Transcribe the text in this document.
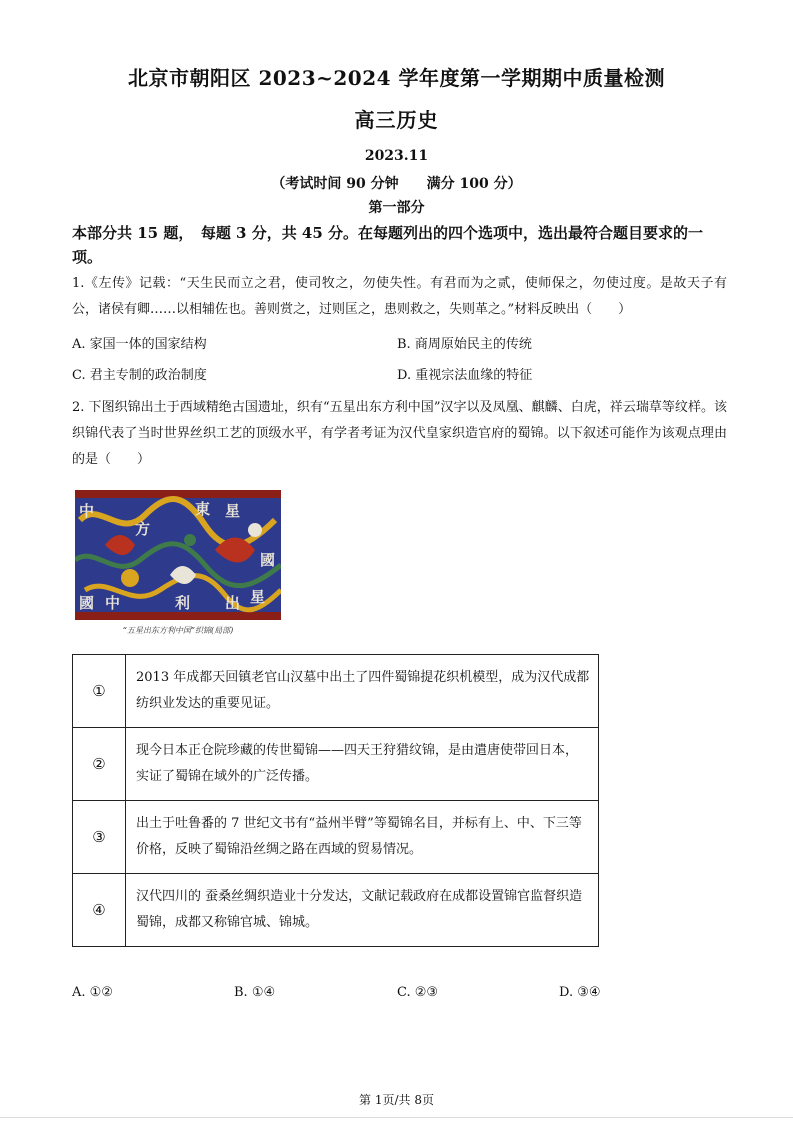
北京市朝阳区 2023~2024 学年度第一学期期中质量检测
高三历史
2023.11
（考试时间 90 分钟　　满分 100 分）
第一部分
本部分共 15 题，　每题 3 分，共 45 分。在每题列出的四个选项中，选出最符合题目要求的一项。
1.《左传》记载：“天生民而立之君，使司牧之，勿使失性。有君而为之贰，使师保之，勿使过度。是故天子有公，诸侯有卿……以相辅佐也。善则赏之，过则匡之，患则救之，失则革之。”材料反映出（　　）
A. 家国一体的国家结构	B. 商周原始民主的传统
C. 君主专制的政治制度	D. 重视宗法血缘的特征
2. 下图织锦出土于西域精绝古国遗址，织有“五星出东方利中国”汉字以及凤凰、麒麟、白虎，祥云瑞草等纹样。该织锦代表了当时世界丝织工艺的顶级水平，有学者考证为汉代皇家织造官府的蜀锦。以下叙述可能作为该观点理由的是（　　）
中
國
方
星
東
利
中
國
出 星
“五星出东方利中国”织锦(局部)
①	2013 年成都天回镇老官山汉墓中出土了四件蜀锦提花织机模型，成为汉代成都纺织业发达的重要见证。
②	现今日本正仓院珍藏的传世蜀锦——四天王狩猎纹锦，是由遣唐使带回日本，实证了蜀锦在域外的广泛传播。
③	出土于吐鲁番的 7 世纪文书有“益州半臂”等蜀锦名目，并标有上、中、下三等价格，反映了蜀锦沿丝绸之路在西域的贸易情况。
④	汉代四川的 蚕桑丝绸织造业十分发达，文献记载政府在成都设置锦官监督织造蜀锦，成都又称锦官城、锦城。
A. ①②	B. ①④	C. ②③	D. ③④
第 1页/共 8页
